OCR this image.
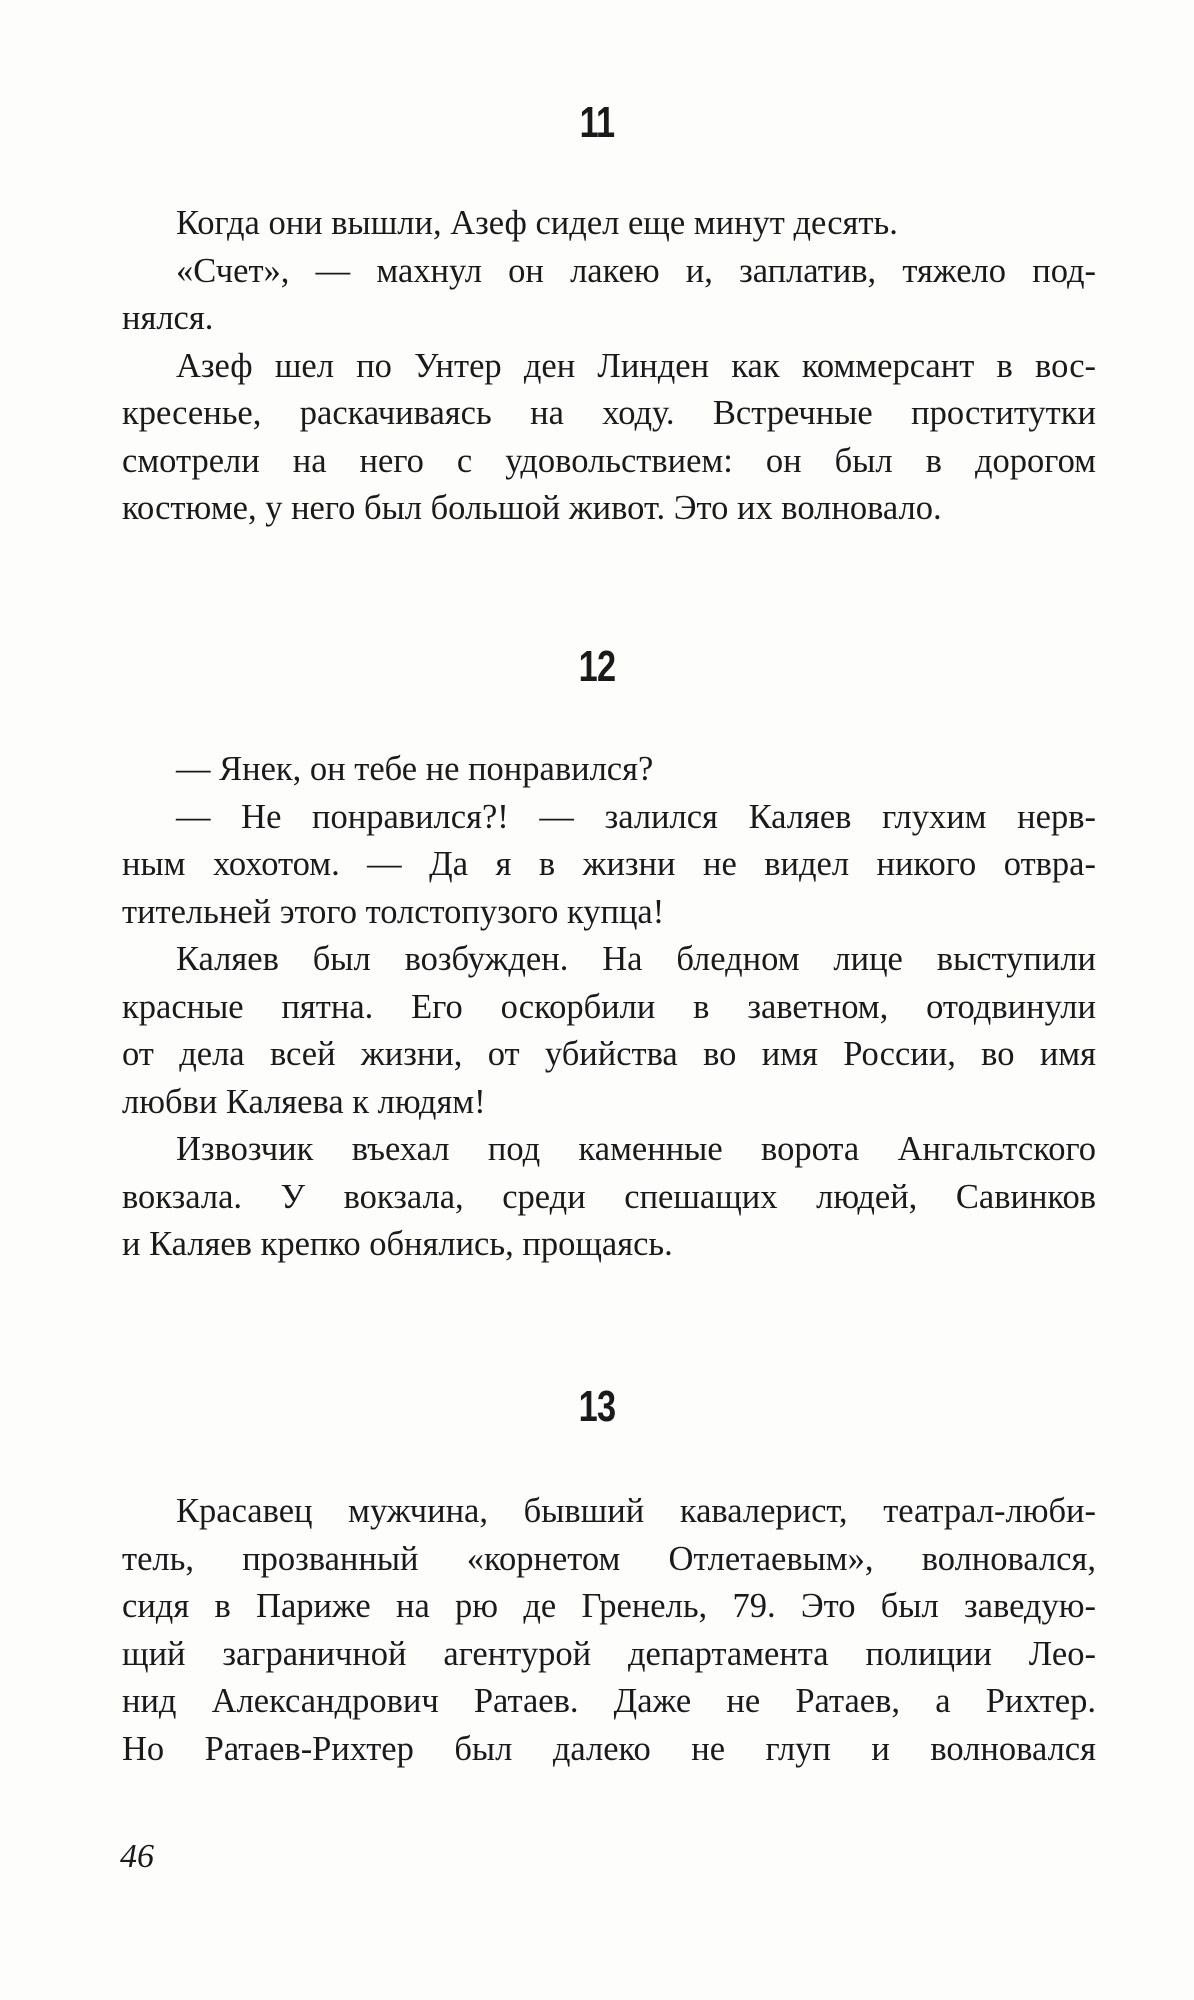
11
Когда они вышли, Азеф сидел еще минут десять.
«Счет», — махнул он лакею и, заплатив, тяжело под-
нялся.
Азеф шел по Унтер ден Линден как коммерсант в вос-
кресенье, раскачиваясь на ходу. Встречные проститутки
смотрели на него с удовольствием: он был в дорогом
костюме, у него был большой живот. Это их волновало.
12
— Янек, он тебе не понравился?
— Не понравился?! — залился Каляев глухим нерв-
ным хохотом. — Да я в жизни не видел никого отвра-
тительней этого толстопузого купца!
Каляев был возбужден. На бледном лице выступили
красные пятна. Его оскорбили в заветном, отодвинули
от дела всей жизни, от убийства во имя России, во имя
любви Каляева к людям!
Извозчик въехал под каменные ворота Ангальтского
вокзала. У вокзала, среди спешащих людей, Савинков
и Каляев крепко обнялись, прощаясь.
13
Красавец мужчина, бывший кавалерист, театрал-люби-
тель, прозванный «корнетом Отлетаевым», волновался,
сидя в Париже на рю де Гренель, 79. Это был заведую-
щий заграничной агентурой департамента полиции Лео-
нид Александрович Ратаев. Даже не Ратаев, а Рихтер.
Но Ратаев-Рихтер был далеко не глуп и волновался
46
